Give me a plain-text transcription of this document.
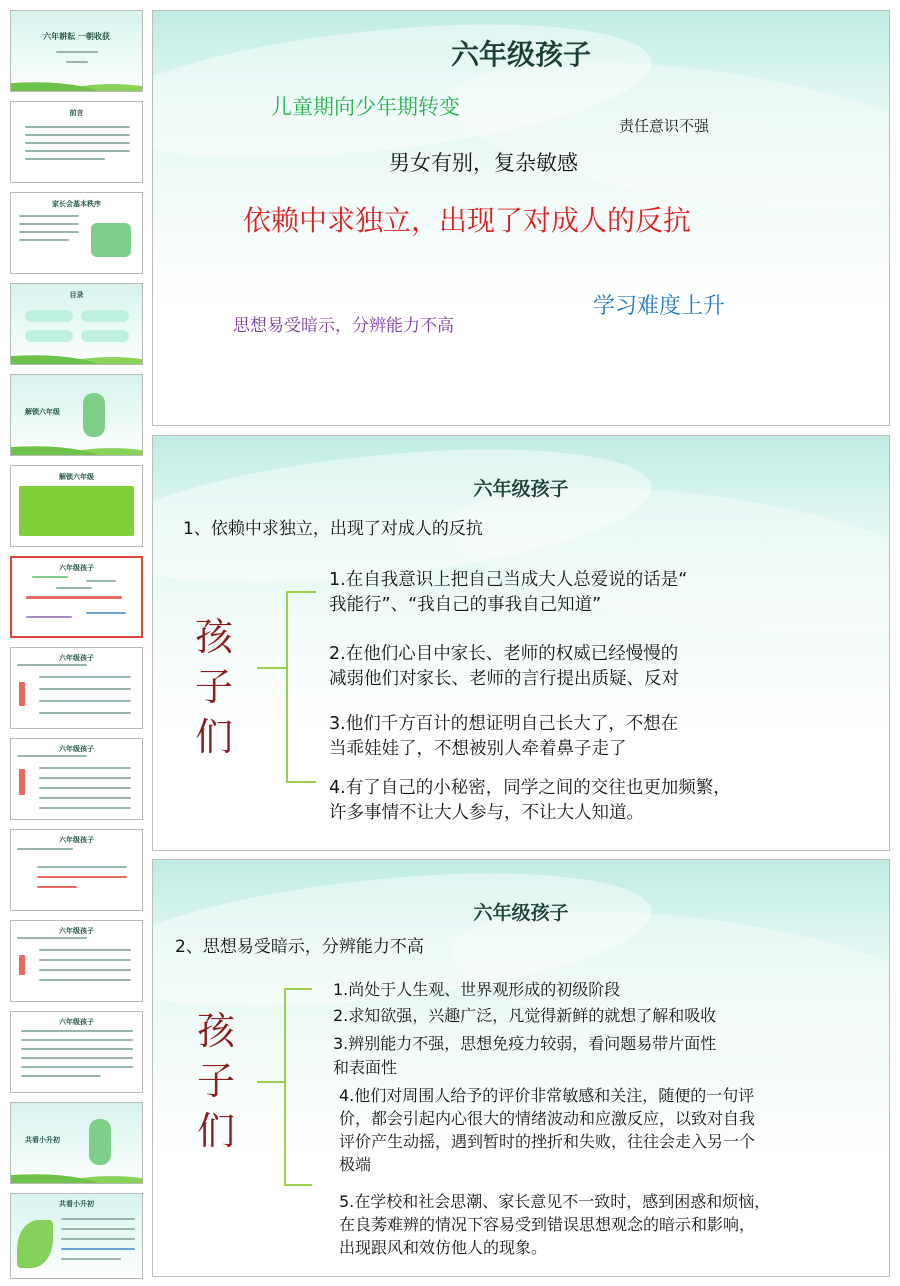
六年耕耘 一朝收获
前言
家长会基本秩序
目录
解锁六年级
解锁六年级
六年级孩子
六年级孩子
六年级孩子
六年级孩子
六年级孩子
六年级孩子
共看小升初
共看小升初
六年级孩子
儿童期向少年期转变
责任意识不强
男女有别，复杂敏感
依赖中求独立，出现了对成人的反抗
学习难度上升
思想易受暗示，分辨能力不高
六年级孩子
1、依赖中求独立，出现了对成人的反抗
孩
子
们
1.在自我意识上把自己当成大人总爱说的话是“
我能行”、“我自己的事我自己知道”
2.在他们心目中家长、老师的权威已经慢慢的
减弱他们对家长、老师的言行提出质疑、反对
3.他们千方百计的想证明自己长大了，不想在
当乖娃娃了，不想被别人牵着鼻子走了
4.有了自己的小秘密，同学之间的交往也更加频繁，
许多事情不让大人参与，不让大人知道。
六年级孩子
2、思想易受暗示，分辨能力不高
孩
子
们
1.尚处于人生观、世界观形成的初级阶段
2.求知欲强，兴趣广泛，凡觉得新鲜的就想了解和吸收
3.辨别能力不强，思想免疫力较弱，看问题易带片面性
和表面性
4.他们对周围人给予的评价非常敏感和关注，随便的一句评
价，都会引起内心很大的情绪波动和应激反应，以致对自我
评价产生动摇，遇到暂时的挫折和失败，往往会走入另一个
极端
5.在学校和社会思潮、家长意见不一致时，感到困惑和烦恼，
在良莠难辨的情况下容易受到错误思想观念的暗示和影响，
出现跟风和效仿他人的现象。
